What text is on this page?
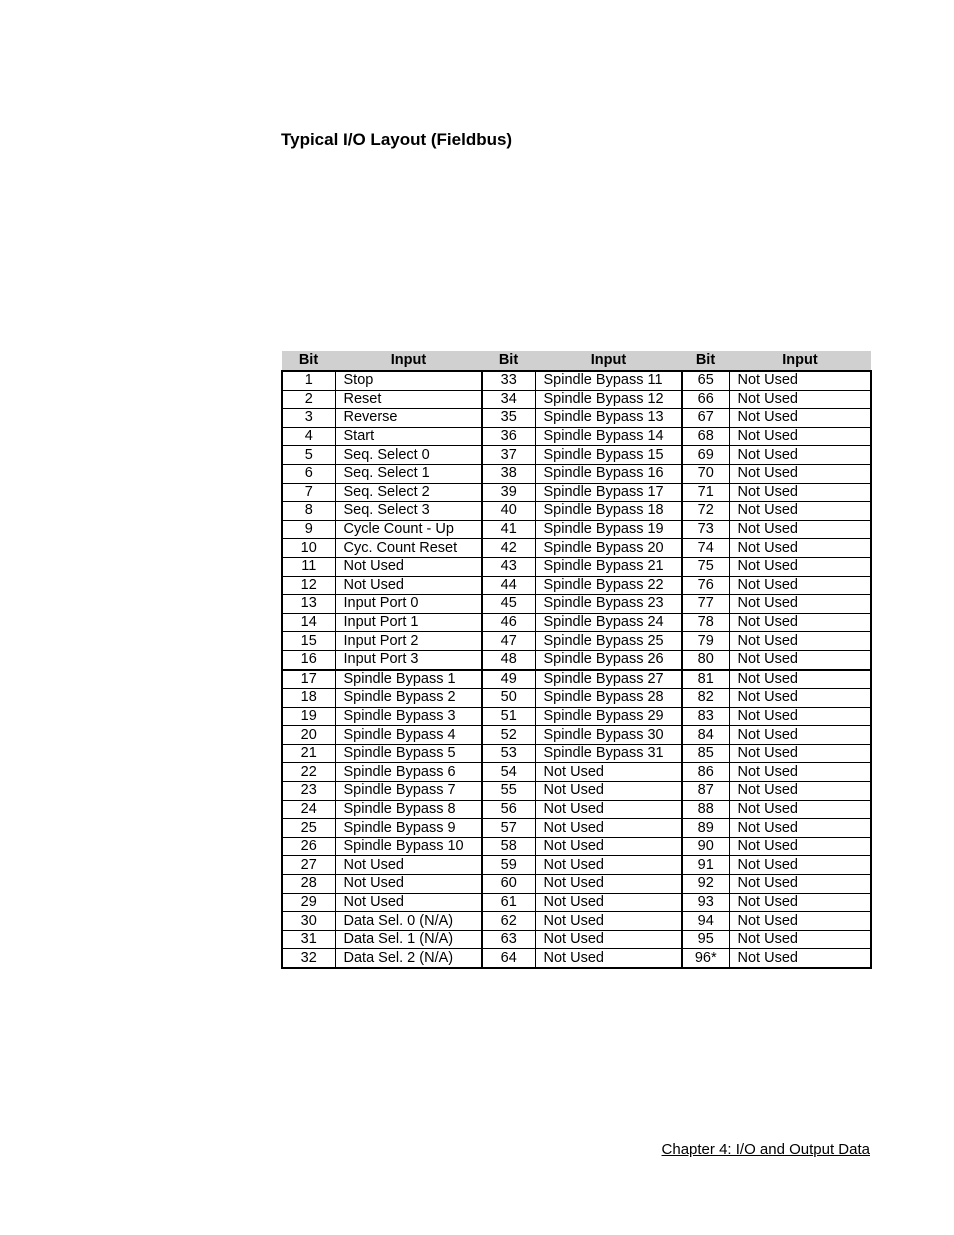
Typical I/O Layout (Fieldbus)
Bit	Input	Bit	Input	Bit	Input
1	Stop	33	Spindle Bypass 11	65	Not Used
2	Reset	34	Spindle Bypass 12	66	Not Used
3	Reverse	35	Spindle Bypass 13	67	Not Used
4	Start	36	Spindle Bypass 14	68	Not Used
5	Seq. Select 0	37	Spindle Bypass 15	69	Not Used
6	Seq. Select 1	38	Spindle Bypass 16	70	Not Used
7	Seq. Select 2	39	Spindle Bypass 17	71	Not Used
8	Seq. Select 3	40	Spindle Bypass 18	72	Not Used
9	Cycle Count - Up	41	Spindle Bypass 19	73	Not Used
10	Cyc. Count Reset	42	Spindle Bypass 20	74	Not Used
11	Not Used	43	Spindle Bypass 21	75	Not Used
12	Not Used	44	Spindle Bypass 22	76	Not Used
13	Input Port 0	45	Spindle Bypass 23	77	Not Used
14	Input Port 1	46	Spindle Bypass 24	78	Not Used
15	Input Port 2	47	Spindle Bypass 25	79	Not Used
16	Input Port 3	48	Spindle Bypass 26	80	Not Used
17	Spindle Bypass 1	49	Spindle Bypass 27	81	Not Used
18	Spindle Bypass 2	50	Spindle Bypass 28	82	Not Used
19	Spindle Bypass 3	51	Spindle Bypass 29	83	Not Used
20	Spindle Bypass 4	52	Spindle Bypass 30	84	Not Used
21	Spindle Bypass 5	53	Spindle Bypass 31	85	Not Used
22	Spindle Bypass 6	54	Not Used	86	Not Used
23	Spindle Bypass 7	55	Not Used	87	Not Used
24	Spindle Bypass 8	56	Not Used	88	Not Used
25	Spindle Bypass 9	57	Not Used	89	Not Used
26	Spindle Bypass 10	58	Not Used	90	Not Used
27	Not Used	59	Not Used	91	Not Used
28	Not Used	60	Not Used	92	Not Used
29	Not Used	61	Not Used	93	Not Used
30	Data Sel. 0 (N/A)	62	Not Used	94	Not Used
31	Data Sel. 1 (N/A)	63	Not Used	95	Not Used
32	Data Sel. 2 (N/A)	64	Not Used	96*	Not Used
Chapter 4: I/O and Output Data
